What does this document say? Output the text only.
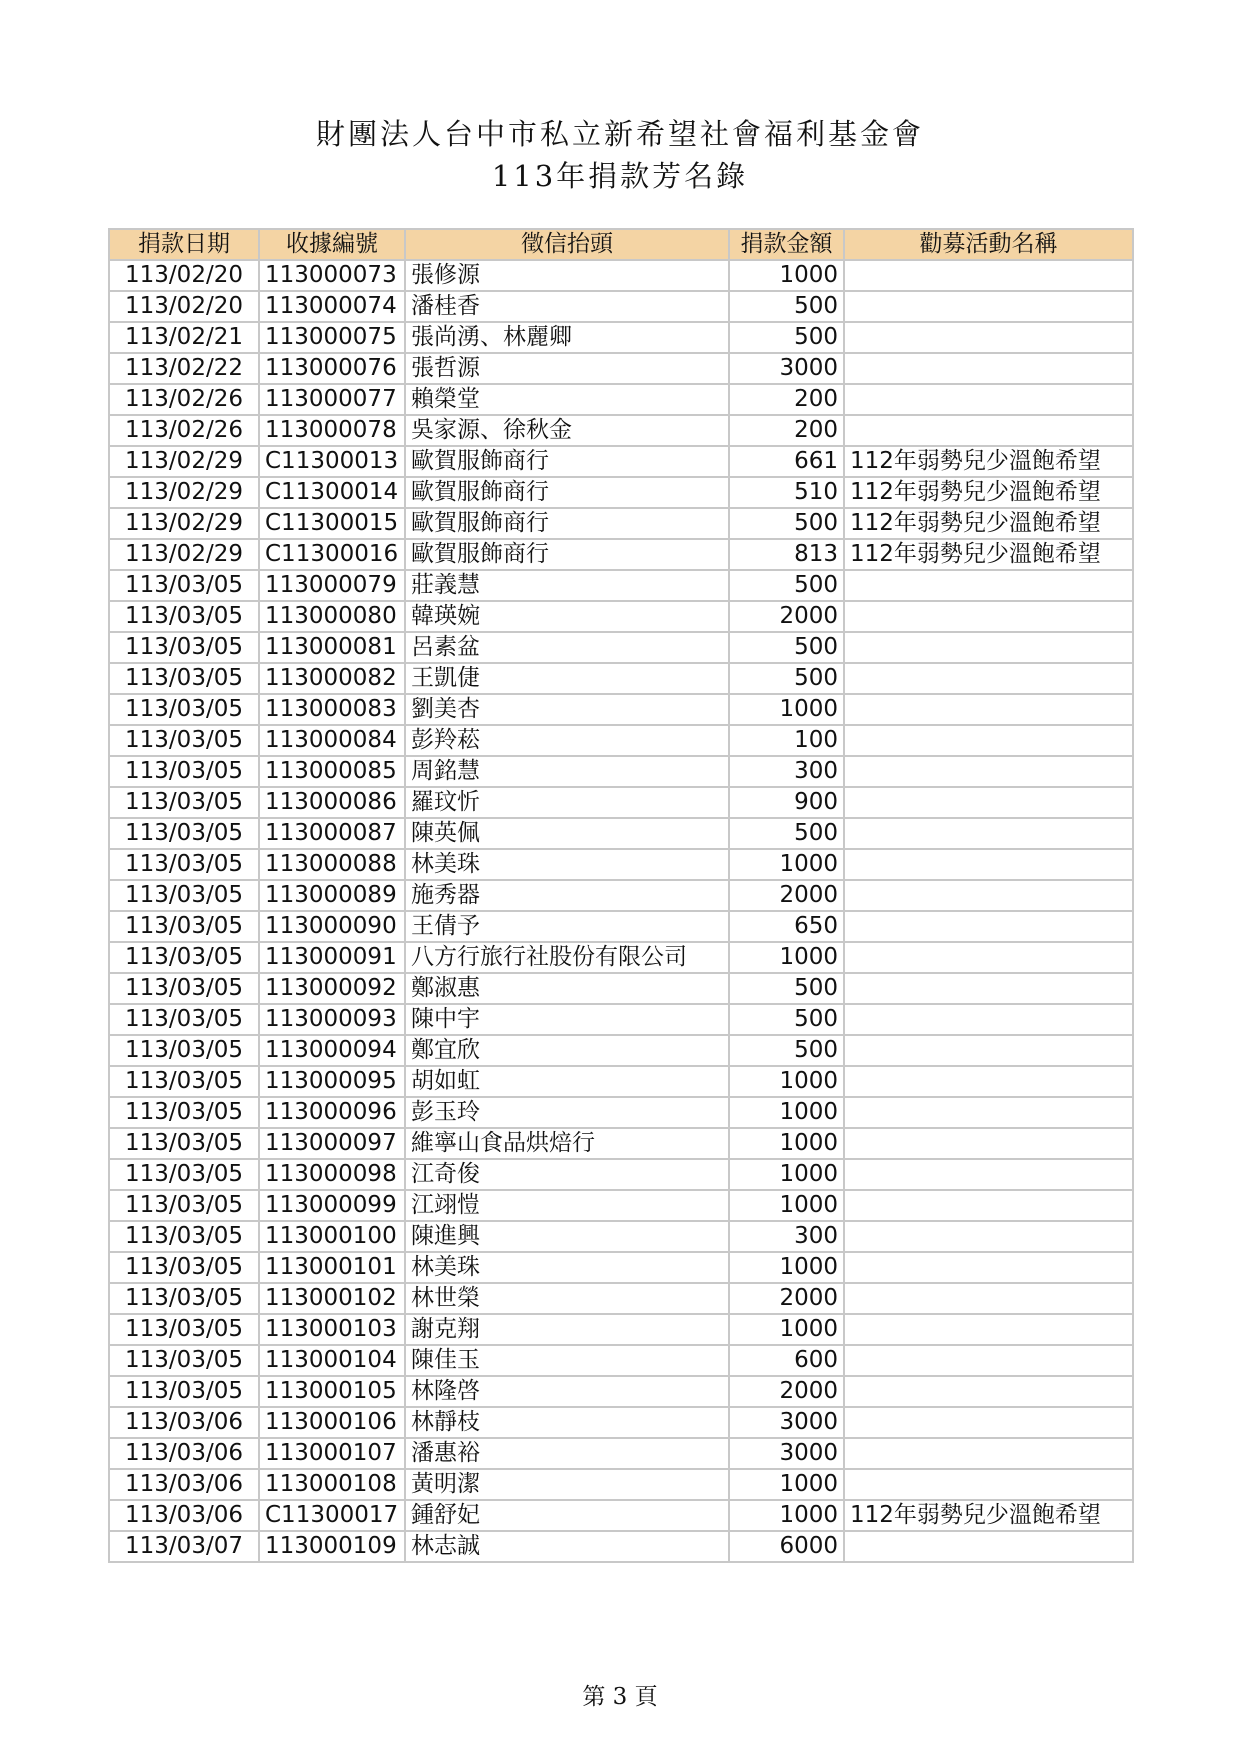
財團法人台中市私立新希望社會福利基金會
113年捐款芳名錄
捐款日期	收據編號	徵信抬頭	捐款金額	勸募活動名稱
113/02/20	113000073	張修源	1000	
113/02/20	113000074	潘桂香	500	
113/02/21	113000075	張尚湧、林麗卿	500	
113/02/22	113000076	張哲源	3000	
113/02/26	113000077	賴榮堂	200	
113/02/26	113000078	吳家源、徐秋金	200	
113/02/29	C11300013	歐賀服飾商行	661	112年弱勢兒少溫飽希望
113/02/29	C11300014	歐賀服飾商行	510	112年弱勢兒少溫飽希望
113/02/29	C11300015	歐賀服飾商行	500	112年弱勢兒少溫飽希望
113/02/29	C11300016	歐賀服飾商行	813	112年弱勢兒少溫飽希望
113/03/05	113000079	莊義慧	500	
113/03/05	113000080	韓瑛婉	2000	
113/03/05	113000081	呂素盆	500	
113/03/05	113000082	王凱倢	500	
113/03/05	113000083	劉美杏	1000	
113/03/05	113000084	彭羚菘	100	
113/03/05	113000085	周銘慧	300	
113/03/05	113000086	羅玟忻	900	
113/03/05	113000087	陳英佩	500	
113/03/05	113000088	林美珠	1000	
113/03/05	113000089	施秀器	2000	
113/03/05	113000090	王倩予	650	
113/03/05	113000091	八方行旅行社股份有限公司	1000	
113/03/05	113000092	鄭淑惠	500	
113/03/05	113000093	陳中宇	500	
113/03/05	113000094	鄭宜欣	500	
113/03/05	113000095	胡如虹	1000	
113/03/05	113000096	彭玉玲	1000	
113/03/05	113000097	維寧山食品烘焙行	1000	
113/03/05	113000098	江奇俊	1000	
113/03/05	113000099	江翊愷	1000	
113/03/05	113000100	陳進興	300	
113/03/05	113000101	林美珠	1000	
113/03/05	113000102	林世榮	2000	
113/03/05	113000103	謝克翔	1000	
113/03/05	113000104	陳佳玉	600	
113/03/05	113000105	林隆啓	2000	
113/03/06	113000106	林靜枝	3000	
113/03/06	113000107	潘惠裕	3000	
113/03/06	113000108	黃明潔	1000	
113/03/06	C11300017	鍾舒妃	1000	112年弱勢兒少溫飽希望
113/03/07	113000109	林志誠	6000	
第 3 頁
